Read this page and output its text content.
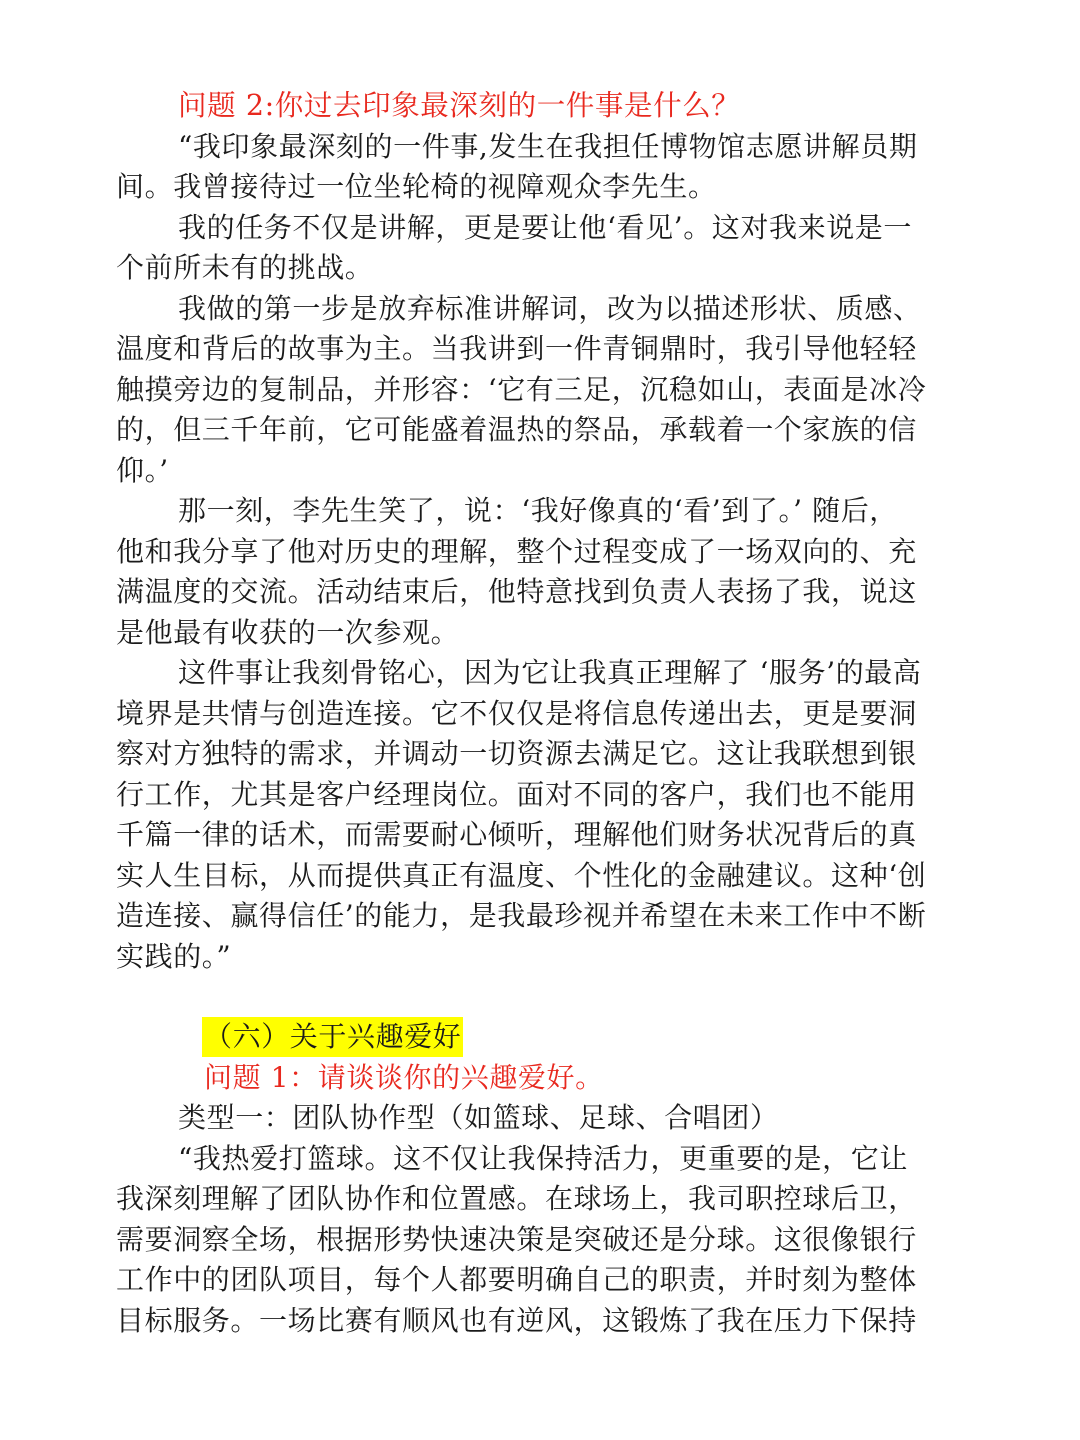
问题 2:你过去印象最深刻的一件事是什么？
“我印象最深刻的一件事,发生在我担任博物馆志愿讲解员期
间。我曾接待过一位坐轮椅的视障观众李先生。
我的任务不仅是讲解，更是要让他‘看见’。这对我来说是一
个前所未有的挑战。
我做的第一步是放弃标准讲解词，改为以描述形状、质感、
温度和背后的故事为主。当我讲到一件青铜鼎时，我引导他轻轻
触摸旁边的复制品，并形容：‘它有三足，沉稳如山，表面是冰冷
的，但三千年前，它可能盛着温热的祭品，承载着一个家族的信
仰。’
那一刻，李先生笑了，说：‘我好像真的‘看’到了。’ 随后，
他和我分享了他对历史的理解，整个过程变成了一场双向的、充
满温度的交流。活动结束后，他特意找到负责人表扬了我，说这
是他最有收获的一次参观。
这件事让我刻骨铭心，因为它让我真正理解了 ‘服务’的最高
境界是共情与创造连接。它不仅仅是将信息传递出去，更是要洞
察对方独特的需求，并调动一切资源去满足它。这让我联想到银
行工作，尤其是客户经理岗位。面对不同的客户，我们也不能用
千篇一律的话术，而需要耐心倾听，理解他们财务状况背后的真
实人生目标，从而提供真正有温度、个性化的金融建议。这种‘创
造连接、赢得信任’的能力，是我最珍视并希望在未来工作中不断
实践的。”
（六）关于兴趣爱好
问题 1：请谈谈你的兴趣爱好。
类型一：团队协作型（如篮球、足球、合唱团）
“我热爱打篮球。这不仅让我保持活力，更重要的是，它让
我深刻理解了团队协作和位置感。在球场上，我司职控球后卫，
需要洞察全场，根据形势快速决策是突破还是分球。这很像银行
工作中的团队项目，每个人都要明确自己的职责，并时刻为整体
目标服务。一场比赛有顺风也有逆风，这锻炼了我在压力下保持
